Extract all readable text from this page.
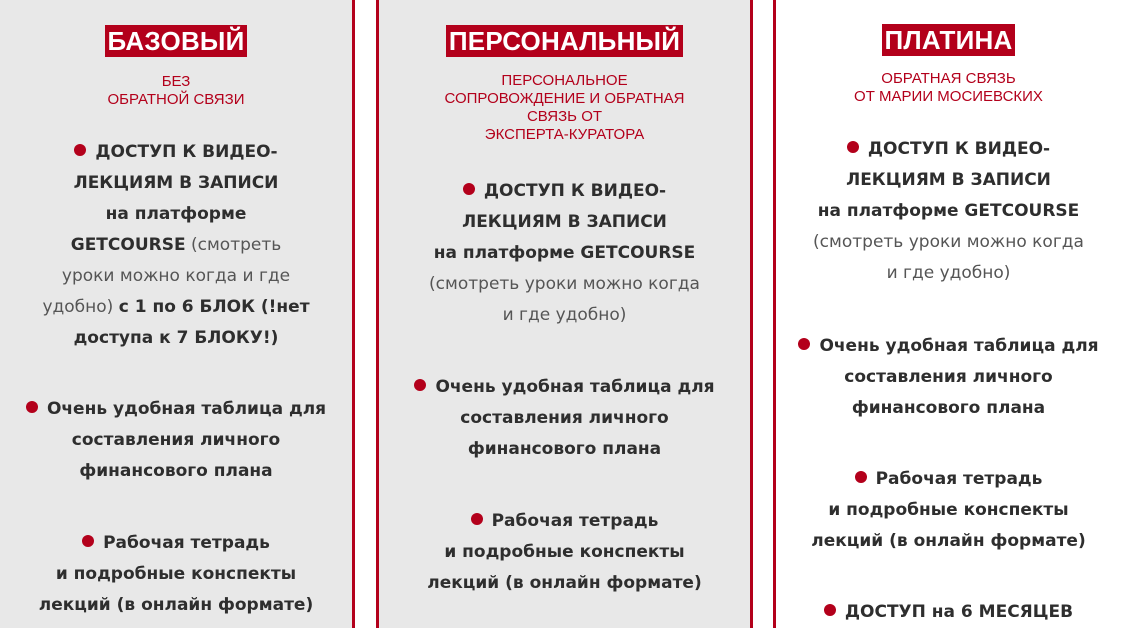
БАЗОВЫЙ
БЕЗ
ОБРАТНОЙ СВЯЗИ
ДОСТУП К ВИДЕО-
ЛЕКЦИЯМ В ЗАПИСИ
на платформе
GETCOURSE (смотреть
уроки можно когда и где
удобно) с 1 по 6 БЛОК (!нет
доступа к 7 БЛОКУ!)
Очень удобная таблица для
составления личного
финансового плана
Рабочая тетрадь
и подробные конспекты
лекций (в онлайн формате)
ПЕРСОНАЛЬНЫЙ
ПЕРСОНАЛЬНОЕ
СОПРОВОЖДЕНИЕ И ОБРАТНАЯ
СВЯЗЬ ОТ
ЭКСПЕРТА-КУРАТОРА
ДОСТУП К ВИДЕО-
ЛЕКЦИЯМ В ЗАПИСИ
на платформе GETCOURSE
(смотреть уроки можно когда
и где удобно)
Очень удобная таблица для
составления личного
финансового плана
Рабочая тетрадь
и подробные конспекты
лекций (в онлайн формате)
ПЛАТИНА
ОБРАТНАЯ СВЯЗЬ
ОТ МАРИИ МОСИЕВСКИХ
ДОСТУП К ВИДЕО-
ЛЕКЦИЯМ В ЗАПИСИ
на платформе GETCOURSE
(смотреть уроки можно когда
и где удобно)
Очень удобная таблица для
составления личного
финансового плана
Рабочая тетрадь
и подробные конспекты
лекций (в онлайн формате)
ДОСТУП на 6 МЕСЯЦЕВ
